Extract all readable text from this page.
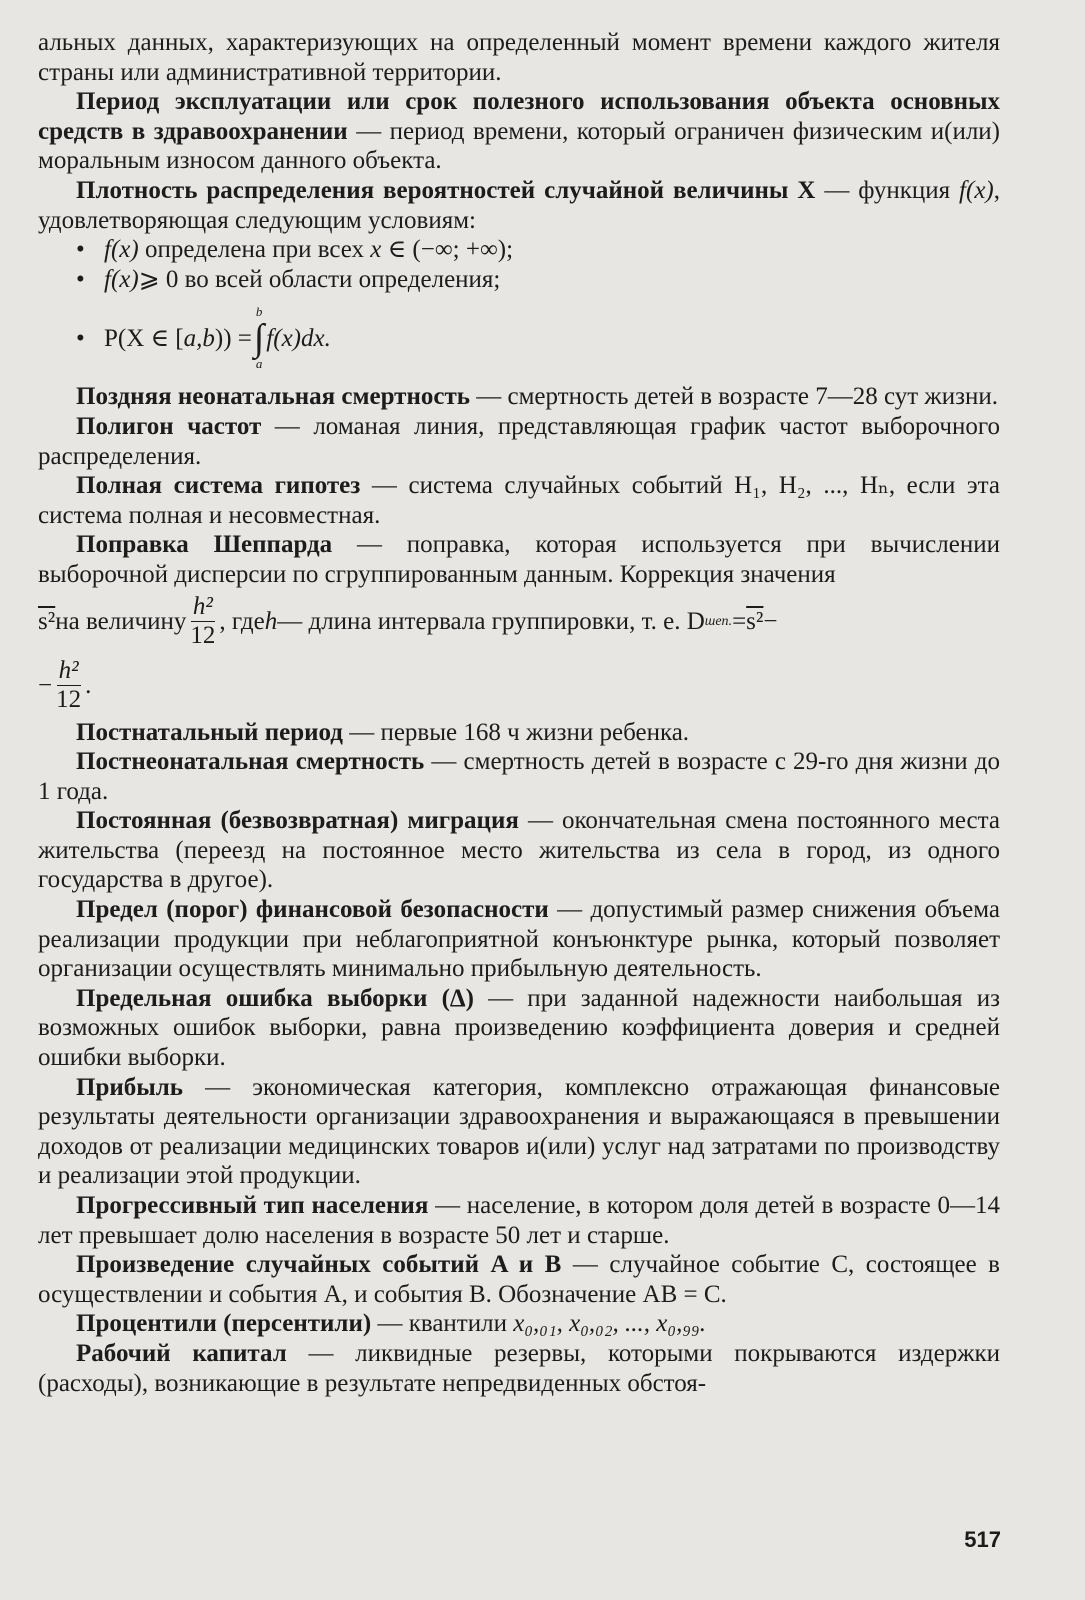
альных данных, характеризующих на определенный момент времени каждого жителя страны или административной территории.

Период эксплуатации или срок полезного использования объекта основных средств в здравоохранении — период времени, который ограничен физическим и(или) моральным износом данного объекта.

Плотность распределения вероятностей случайной величины X — функция f(x), удовлетворяющая следующим условиям:

• f(x) определена при всех x ∈ (−∞; +∞);
• f(x)⩾ 0 во всей области определения;
• P(X ∈ [ a,b )) =
b
∫
a
f(x)dx.

Поздняя неонатальная смертность — смертность детей в возрасте 7—28 сут жизни.

Полигон частот — ломаная линия, представляющая график частот выборочного распределения.

Полная система гипотез — система случайных событий H₁, H₂, ..., Hₙ, если эта система полная и несовместная.

Поправка Шеппарда — поправка, которая используется при вычислении выборочной дисперсии по сгруппированным данным. Коррекция значения

s² на величину $\frac{\text{h²}}{12}$ , где h — длина интервала группировки, т. е. D шеп. = s² −
− $\frac{\text{h²}}{12}$ .

Постнатальный период — первые 168 ч жизни ребенка.

Постнеонатальная смертность — смертность детей в возрасте с 29-го дня жизни до 1 года.

Постоянная (безвозвратная) миграция — окончательная смена постоянного места жительства (переезд на постоянное место жительства из села в город, из одного государства в другое).

Предел (порог) финансовой безопасности — допустимый размер снижения объема реализации продукции при неблагоприятной конъюнктуре рынка, который позволяет организации осуществлять минимально прибыльную деятельность.

Предельная ошибка выборки (Δ) — при заданной надежности наибольшая из возможных ошибок выборки, равна произведению коэффициента доверия и средней ошибки выборки.

Прибыль — экономическая категория, комплексно отражающая финансовые результаты деятельности организации здравоохранения и выражающаяся в превышении доходов от реализации медицинских товаров и(или) услуг над затратами по производству и реализации этой продукции.

Прогрессивный тип населения — население, в котором доля детей в возрасте 0—14 лет превышает долю населения в возрасте 50 лет и старше.

Произведение случайных событий A и B — случайное событие C, состоящее в осуществлении и события A, и события B. Обозначение AB = C.

Процентили (персентили) — квантили x₀,₀₁, x₀,₀₂, ..., x₀,₉₉.

Рабочий капитал — ликвидные резервы, которыми покрываются издержки (расходы), возникающие в результате непредвиденных обстоя-

517
